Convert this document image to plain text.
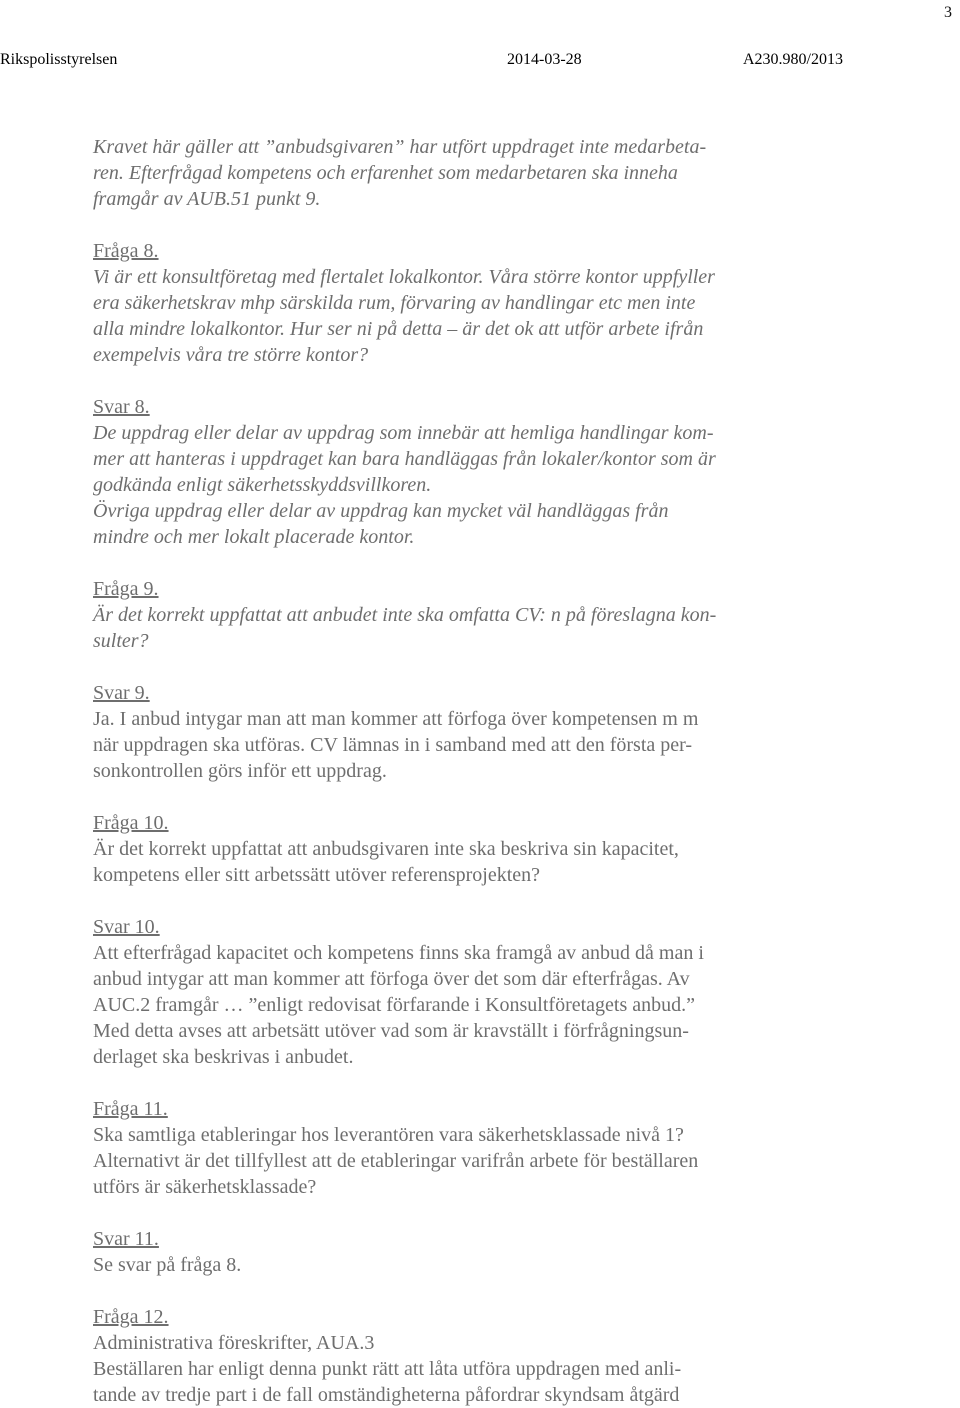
3
Rikspolisstyrelsen	2014-03-28	A230.980/2013
Kravet här gäller att ”anbudsgivaren” har utfört uppdraget inte medarbeta-
ren. Efterfrågad kompetens och erfarenhet som medarbetaren ska inneha
framgår av AUB.51 punkt 9.
Fråga 8.
Vi är ett konsultföretag med flertalet lokalkontor. Våra större kontor uppfyller
era säkerhetskrav mhp särskilda rum, förvaring av handlingar etc men inte
alla mindre lokalkontor. Hur ser ni på detta – är det ok att utför arbete ifrån
exempelvis våra tre större kontor?
Svar 8.
De uppdrag eller delar av uppdrag som innebär att hemliga handlingar kom-
mer att hanteras i uppdraget kan bara handläggas från lokaler/kontor som är
godkända enligt säkerhetsskyddsvillkoren.
Övriga uppdrag eller delar av uppdrag kan mycket väl handläggas från
mindre och mer lokalt placerade kontor.
Fråga 9.
Är det korrekt uppfattat att anbudet inte ska omfatta CV: n på föreslagna kon-
sulter?
Svar 9.
Ja. I anbud intygar man att man kommer att förfoga över kompetensen m m
när uppdragen ska utföras. CV lämnas in i samband med att den första per-
sonkontrollen görs inför ett uppdrag.
Fråga 10.
Är det korrekt uppfattat att anbudsgivaren inte ska beskriva sin kapacitet,
kompetens eller sitt arbetssätt utöver referensprojekten?
Svar 10.
Att efterfrågad kapacitet och kompetens finns ska framgå av anbud då man i
anbud intygar att man kommer att förfoga över det som där efterfrågas. Av
AUC.2 framgår … ”enligt redovisat förfarande i Konsultföretagets anbud.”
Med detta avses att arbetsätt utöver vad som är kravställt i förfrågningsun-
derlaget ska beskrivas i anbudet.
Fråga 11.
Ska samtliga etableringar hos leverantören vara säkerhetsklassade nivå 1?
Alternativt är det tillfyllest att de etableringar varifrån arbete för beställaren
utförs är säkerhetsklassade?
Svar 11.
Se svar på fråga 8.
Fråga 12.
Administrativa föreskrifter, AUA.3
Beställaren har enligt denna punkt rätt att låta utföra uppdragen med anli-
tande av tredje part i de fall omständigheterna påfordrar skyndsam åtgärd
